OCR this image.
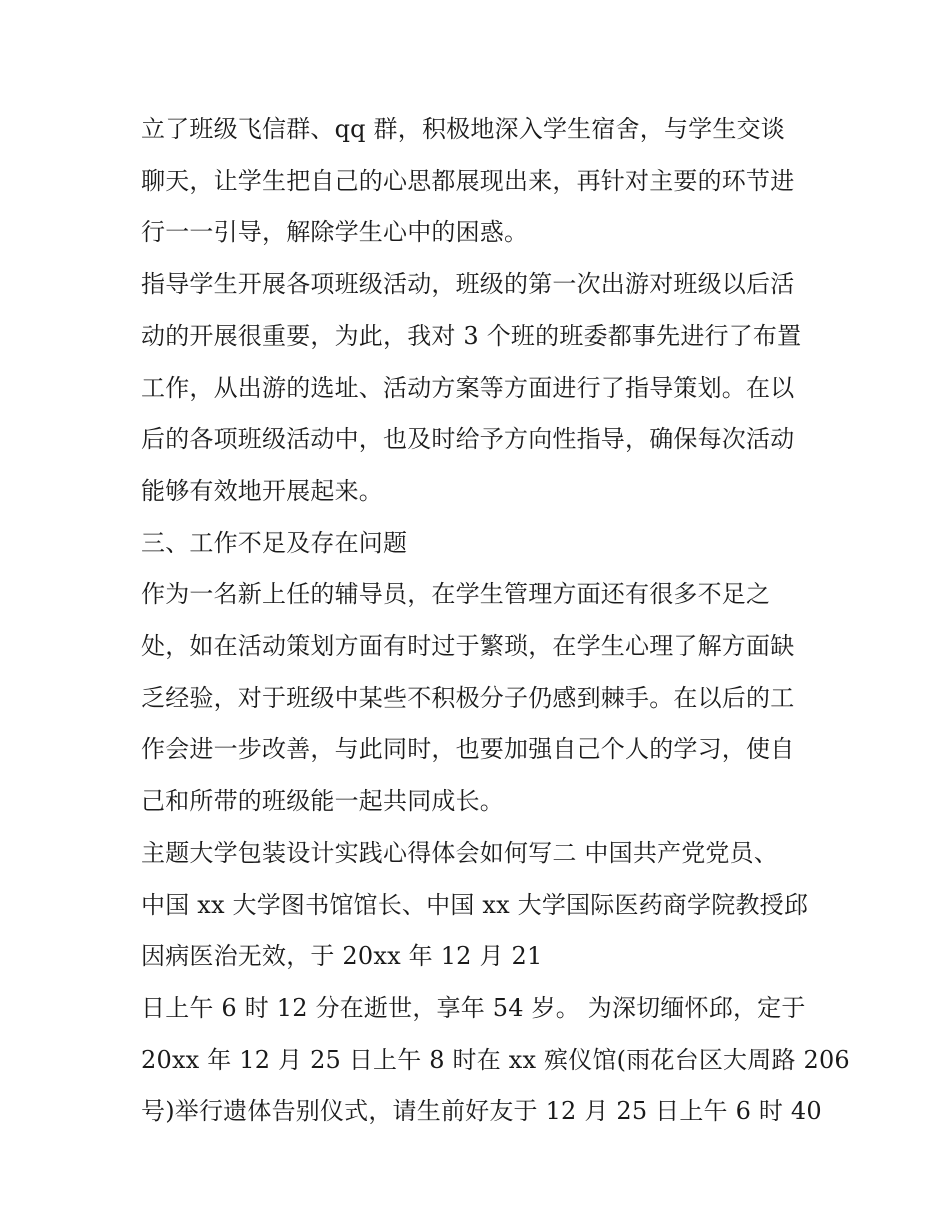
立了班级飞信群、qq 群，积极地深入学生宿舍，与学生交谈
聊天，让学生把自己的心思都展现出来，再针对主要的环节进
行一一引导，解除学生心中的困惑。
指导学生开展各项班级活动，班级的第一次出游对班级以后活
动的开展很重要，为此，我对 3 个班的班委都事先进行了布置
工作，从出游的选址、活动方案等方面进行了指导策划。在以
后的各项班级活动中，也及时给予方向性指导，确保每次活动
能够有效地开展起来。
三、工作不足及存在问题
作为一名新上任的辅导员，在学生管理方面还有很多不足之
处，如在活动策划方面有时过于繁琐，在学生心理了解方面缺
乏经验，对于班级中某些不积极分子仍感到棘手。在以后的工
作会进一步改善，与此同时，也要加强自己个人的学习，使自
己和所带的班级能一起共同成长。
主题大学包装设计实践心得体会如何写二 中国共产党党员、
中国 xx 大学图书馆馆长、中国 xx 大学国际医药商学院教授邱
因病医治无效，于 20xx 年 12 月 21
日上午 6 时 12 分在逝世，享年 54 岁。 为深切缅怀邱，定于
20xx 年 12 月 25 日上午 8 时在 xx 殡仪馆(雨花台区大周路 206
号)举行遗体告别仪式，请生前好友于 12 月 25 日上午 6 时 40
